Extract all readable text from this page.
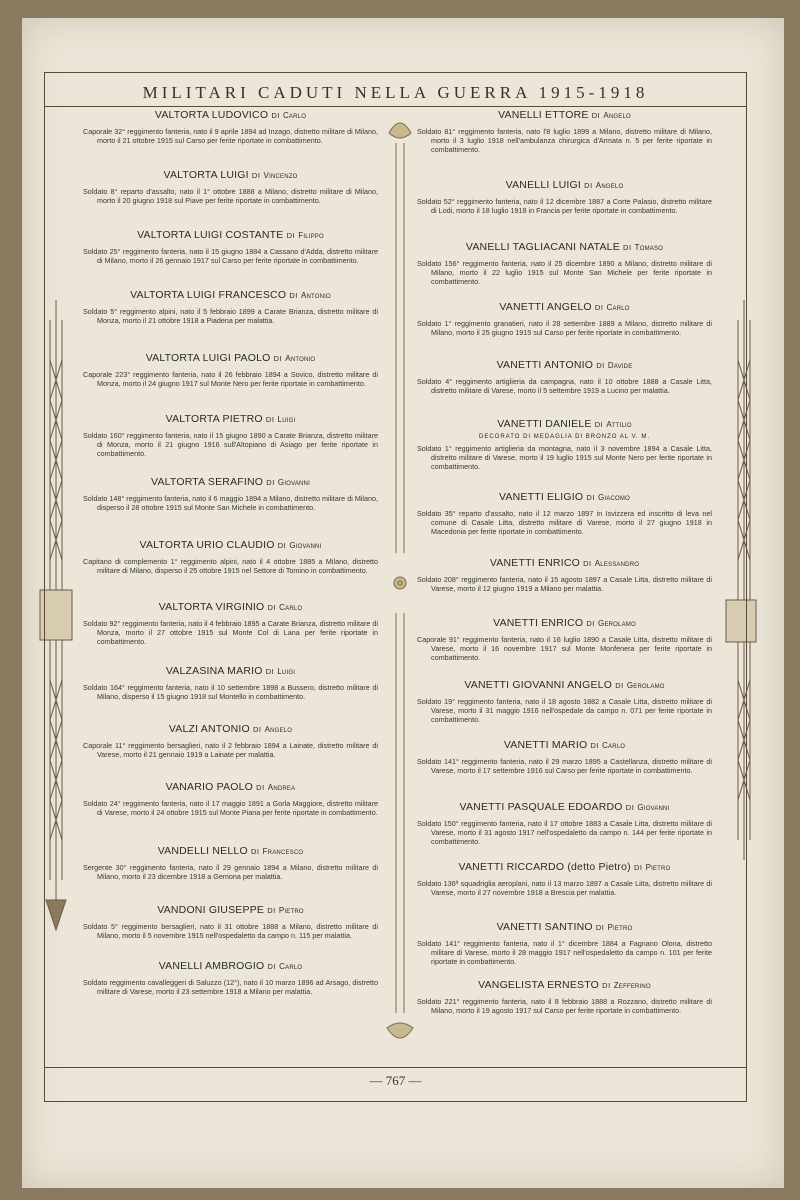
MILITARI CADUTI NELLA GUERRA 1915-1918
VALTORTA LUDOVICO DI Carlo
Caporale 32° reggimento fanteria, nato il 9 aprile 1894 ad Inzago, distretto militare di Milano, morto il 21 ottobre 1915 sul Carso per ferite riportate in combattimento.
VALTORTA LUIGI DI Vincenzo
Soldato 8° reparto d'assalto, nato il 1° ottobre 1888 a Milano, distretto militare di Milano, morto il 20 giugno 1918 sul Piave per ferite riportate in combattimento.
VALTORTA LUIGI COSTANTE DI Filippo
Soldato 25° reggimento fanteria, nato il 15 giugno 1884 a Cassano d'Adda, distretto militare di Milano, morto il 26 gennaio 1917 sul Carso per ferite riportate in combattimento.
VALTORTA LUIGI FRANCESCO DI Antonio
Soldato 5° reggimento alpini, nato il 5 febbraio 1899 a Carate Brianza, distretto militare di Monza, morto il 21 ottobre 1918 a Piadena per malattia.
VALTORTA LUIGI PAOLO DI Antonio
Caporale 223° reggimento fanteria, nato il 26 febbraio 1894 a Sovico, distretto militare di Monza, morto il 24 giugno 1917 sul Monte Nero per ferite riportate in combattimento.
VALTORTA PIETRO DI Luigi
Soldato 160° reggimento fanteria, nato il 15 giugno 1890 a Carate Brianza, distretto militare di Monza, morto il 21 giugno 1916 sull'Altopiano di Asiago per ferite riportate in combattimento.
VALTORTA SERAFINO DI Giovanni
Soldato 148° reggimento fanteria, nato il 6 maggio 1894 a Milano, distretto militare di Milano, disperso il 28 ottobre 1915 sul Monte San Michele in combattimento.
VALTORTA URIO CLAUDIO DI Giovanni
Capitano di complemento 1° reggimento alpini, nato il 4 ottobre 1885 a Milano, distretto militare di Milano, disperso il 25 ottobre 1915 nel Settore di Tomino in combattimento.
VALTORTA VIRGINIO DI Carlo
Soldato 92° reggimento fanteria, nato il 4 febbraio 1895 a Carate Brianza, distretto militare di Monza, morto il 27 ottobre 1915 sul Monte Col di Lana per ferite riportate in combattimento.
VALZASINA MARIO DI Luigi
Soldato 164° reggimento fanteria, nato il 10 settembre 1898 a Bussero, distretto militare di Milano, disperso il 15 giugno 1918 sul Montello in combattimento.
VALZI ANTONIO DI Angelo
Caporale 11° reggimento bersaglieri, nato il 2 febbraio 1894 a Lainate, distretto militare di Varese, morto il 21 gennaio 1919 a Lainate per malattia.
VANARIO PAOLO DI Andrea
Soldato 24° reggimento fanteria, nato il 17 maggio 1891 a Gorla Maggiore, distretto militare di Varese, morto il 24 ottobre 1915 sul Monte Piana per ferite riportate in combattimento.
VANDELLI NELLO DI Francesco
Sergente 30° reggimento fanteria, nato il 29 gennaio 1894 a Milano, distretto militare di Milano, morto il 23 dicembre 1918 a Gemona per malattia.
VANDONI GIUSEPPE DI Pietro
Soldato 5° reggimento bersaglieri, nato il 31 ottobre 1888 a Milano, distretto militare di Milano, morto il 5 novembre 1915 nell'ospedaletto da campo n. 115 per malattia.
VANELLI AMBROGIO DI Carlo
Soldato reggimento cavalleggeri di Saluzzo (12°), nato il 10 marzo 1896 ad Arsago, distretto militare di Varese, morto il 23 settembre 1918 a Milano per malattia.
VANELLI ETTORE DI Angelo
Soldato 81° reggimento fanteria, nato l'8 luglio 1899 a Milano, distretto militare di Milano, morto il 3 luglio 1918 nell'ambulanza chirurgica d'Armata n. 5 per ferite riportate in combattimento.
VANELLI LUIGI DI Angelo
Soldato 52° reggimento fanteria, nato il 12 dicembre 1887 a Corte Palasio, distretto militare di Lodi, morto il 18 luglio 1918 in Francia per ferite riportate in combattimento.
VANELLI TAGLIACANI NATALE DI Tomaso
Soldato 156° reggimento fanteria, nato il 25 dicembre 1890 a Milano, distretto militare di Milano, morto il 22 luglio 1915 sul Monte San Michele per ferite riportate in combattimento.
VANETTI ANGELO DI Carlo
Soldato 1° reggimento granatieri, nato il 28 settembre 1889 a Milano, distretto militare di Milano, morto il 25 giugno 1915 sul Carso per ferite riportate in combattimento.
VANETTI ANTONIO DI Davide
Soldato 4° reggimento artiglieria da campagna, nato il 10 ottobre 1888 a Casale Litta, distretto militare di Varese, morto il 5 settembre 1919 a Lucino per malattia.
VANETTI DANIELE DI Attilio
DECORATO DI MEDAGLIA DI BRONZO AL V. M.
Soldato 1° reggimento artiglieria da montagna, nato il 3 novembre 1894 a Casale Litta, distretto militare di Varese, morto il 19 luglio 1915 sul Monte Nero per ferite riportate in combattimento.
VANETTI ELIGIO DI Giacomo
Soldato 35° reparto d'assalto, nato il 12 marzo 1897 in Isvizzera ed inscritto di leva nel comune di Casale Litta, distretto militare di Varese, morto il 27 giugno 1918 in Macedonia per ferite riportate in combattimento.
VANETTI ENRICO DI Alessandro
Soldato 208° reggimento fanteria, nato il 15 agosto 1897 a Casale Litta, distretto militare di Varese, morto il 12 giugno 1919 a Milano per malattia.
VANETTI ENRICO DI Gerolamo
Caporale 91° reggimento fanteria, nato il 16 luglio 1890 a Casale Litta, distretto militare di Varese, morto il 16 novembre 1917 sul Monte Monfenera per ferite riportate in combattimento.
VANETTI GIOVANNI ANGELO DI Gerolamo
Soldato 19° reggimento fanteria, nato il 18 agosto 1882 a Casale Litta, distretto militare di Varese, morto il 31 maggio 1916 nell'ospedale da campo n. 071 per ferite riportate in combattimento.
VANETTI MARIO DI Carlo
Soldato 141° reggimento fanteria, nato il 29 marzo 1895 a Castellanza, distretto militare di Varese, morto il 17 settembre 1916 sul Carso per ferite riportate in combattimento.
VANETTI PASQUALE EDOARDO DI Giovanni
Soldato 150° reggimento fanteria, nato il 17 ottobre 1883 a Casale Litta, distretto militare di Varese, morto il 31 agosto 1917 nell'ospedaletto da campo n. 144 per ferite riportate in combattimento.
VANETTI RICCARDO (detto Pietro) DI Pietro
Soldato 136ª squadriglia aeroplani, nato il 13 marzo 1897 a Casale Litta, distretto militare di Varese, morto il 27 novembre 1918 a Brescia per malattia.
VANETTI SANTINO DI Pietro
Soldato 141° reggimento fanteria, nato il 1° dicembre 1884 a Fagnano Olona, distretto militare di Varese, morto il 28 maggio 1917 nell'ospedaletto da campo n. 101 per ferite riportate in combattimento.
VANGELISTA ERNESTO DI Zefferino
Soldato 221° reggimento fanteria, nato il 8 febbraio 1888 a Rozzano, distretto militare di Milano, morto il 19 agosto 1917 sul Carso per ferite riportate in combattimento.
— 767 —
